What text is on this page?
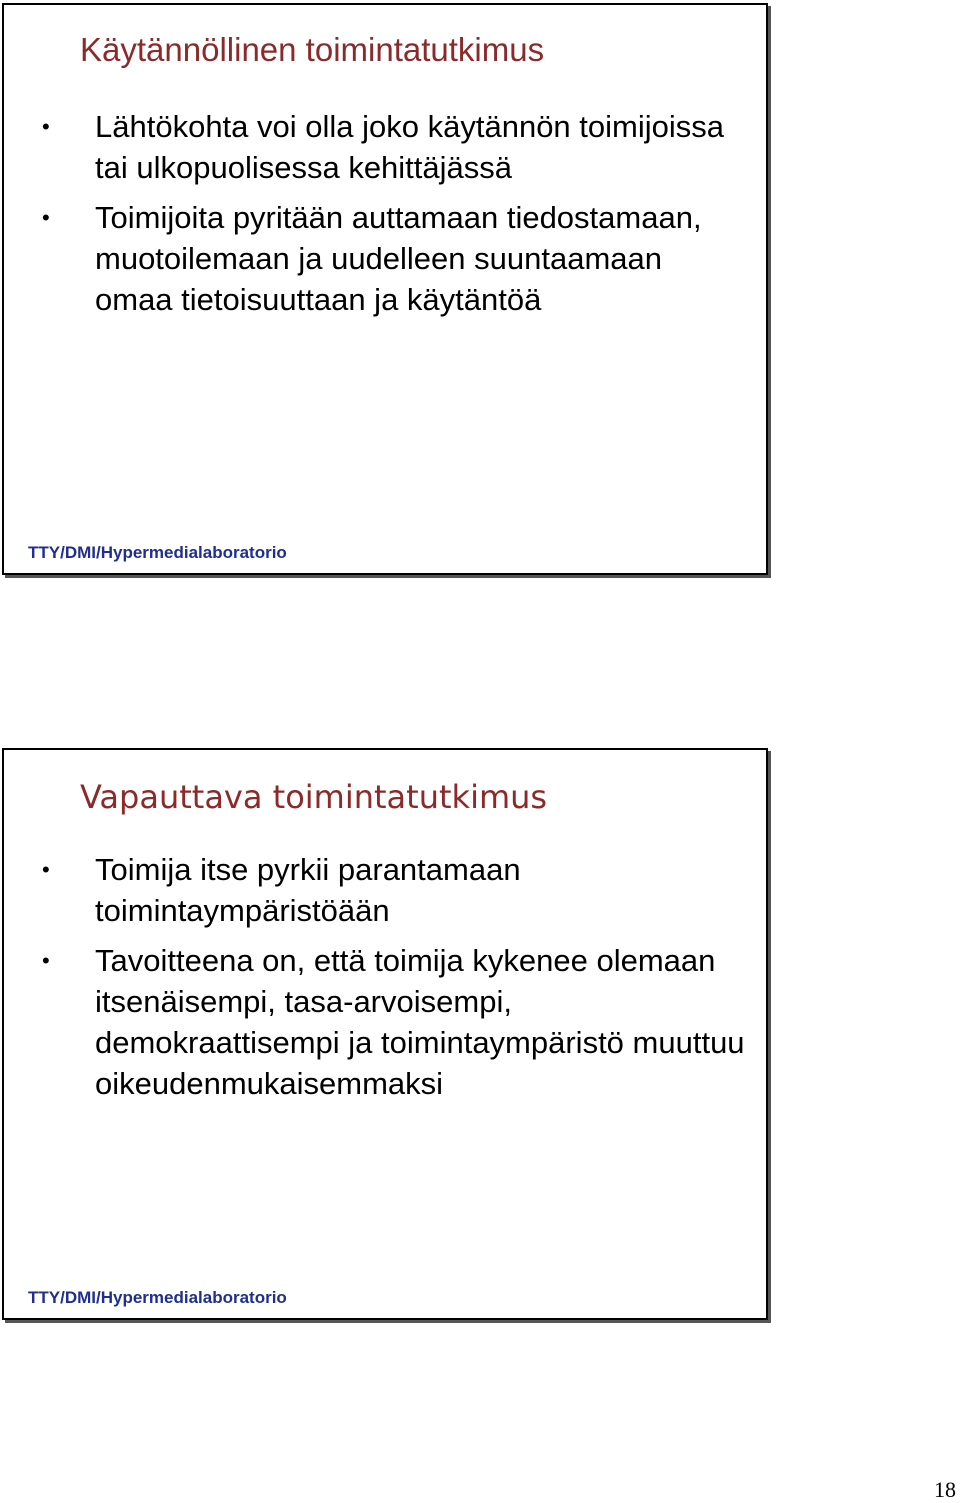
Käytännöllinen toimintatutkimus
• Lähtökohta voi olla joko käytännön toimijoissa tai ulkopuolisessa kehittäjässä
• Toimijoita pyritään auttamaan tiedostamaan, muotoilemaan ja uudelleen suuntaamaan omaa tietoisuuttaan ja käytäntöä
TTY/DMI/Hypermedialaboratorio
Vapauttava toimintatutkimus
• Toimija itse pyrkii parantamaan toimintaympäristöään
• Tavoitteena on, että toimija kykenee olemaan itsenäisempi, tasa-arvoisempi, demokraattisempi ja toimintaympäristö muuttuu oikeudenmukaisemmaksi
TTY/DMI/Hypermedialaboratorio
18
